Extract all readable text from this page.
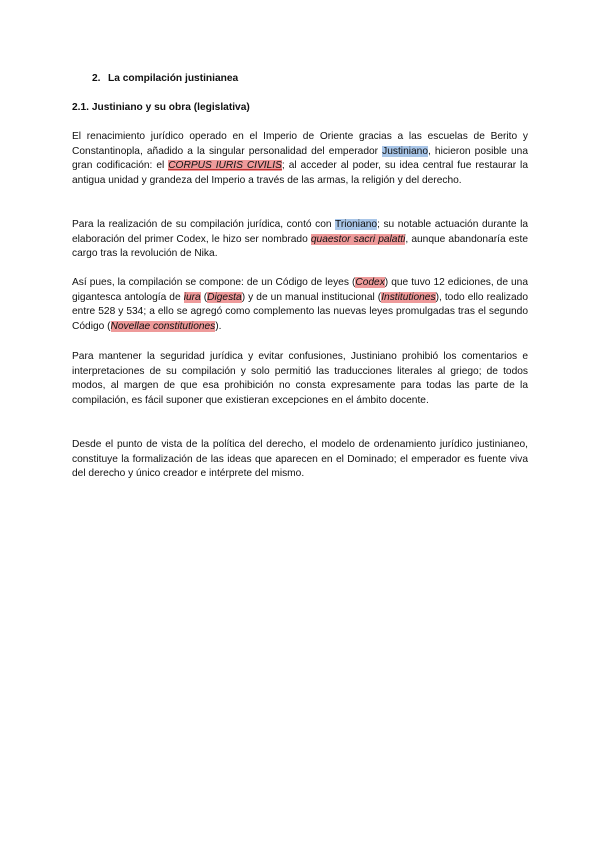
2. La compilación justinianea
2.1. Justiniano y su obra (legislativa)

El renacimiento jurídico operado en el Imperio de Oriente gracias a las escuelas de Berito y Constantinopla, añadido a la singular personalidad del emperador Justiniano, hicieron posible una gran codificación: el CORPUS IURIS CIVILIS; al acceder al poder, su idea central fue restaurar la antigua unidad y grandeza del Imperio a través de las armas, la religión y del derecho.

Para la realización de su compilación jurídica, contó con Trioniano; su notable actuación durante la elaboración del primer Codex, le hizo ser nombrado quaestor sacri palatti, aunque abandonaría este cargo tras la revolución de Nika.

Así pues, la compilación se compone: de un Código de leyes (Codex) que tuvo 12 ediciones, de una gigantesca antología de iura (Digesta) y de un manual institucional (Institutiones), todo ello realizado entre 528 y 534; a ello se agregó como complemento las nuevas leyes promulgadas tras el segundo Código (Novellae constitutiones).

Para mantener la seguridad jurídica y evitar confusiones, Justiniano prohibió los comentarios e interpretaciones de su compilación y solo permitió las traducciones literales al griego; de todos modos, al margen de que esa prohibición no consta expresamente para todas las parte de la compilación, es fácil suponer que existieran excepciones en el ámbito docente.

Desde el punto de vista de la política del derecho, el modelo de ordenamiento jurídico justinianeo, constituye la formalización de las ideas que aparecen en el Dominado; el emperador es fuente viva del derecho y único creador e intérprete del mismo.
